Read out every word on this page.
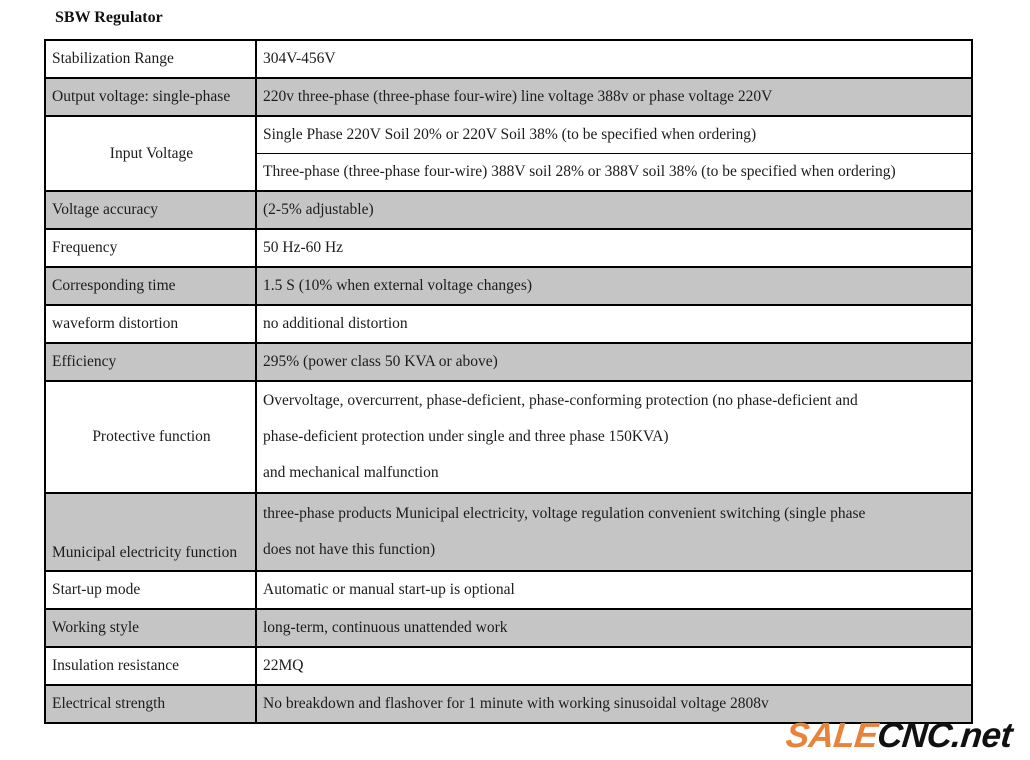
SBW Regulator
Stabilization Range	304V-456V
Output voltage: single-phase	220v three-phase (three-phase four-wire) line voltage 388v or phase voltage 220V
Input Voltage	Single Phase 220V Soil 20% or 220V Soil 38% (to be specified when ordering)
	Three-phase (three-phase four-wire) 388V soil 28% or 388V soil 38% (to be specified when ordering)
Voltage accuracy	(2-5% adjustable)
Frequency	50 Hz-60 Hz
Corresponding time	1.5 S (10% when external voltage changes)
waveform distortion	no additional distortion
Efficiency	295% (power class 50 KVA or above)
Protective function	Overvoltage, overcurrent, phase-deficient, phase-conforming protection (no phase-deficient and
phase-deficient protection under single and three phase 150KVA)
and mechanical malfunction

Municipal electricity function	three-phase products Municipal electricity, voltage regulation convenient switching (single phase
does not have this function)

Start-up mode	Automatic or manual start-up is optional
Working style	long-term, continuous unattended work
Insulation resistance	22MQ
Electrical strength	No breakdown and flashover for 1 minute with working sinusoidal voltage 2808v
SALECNC.net
